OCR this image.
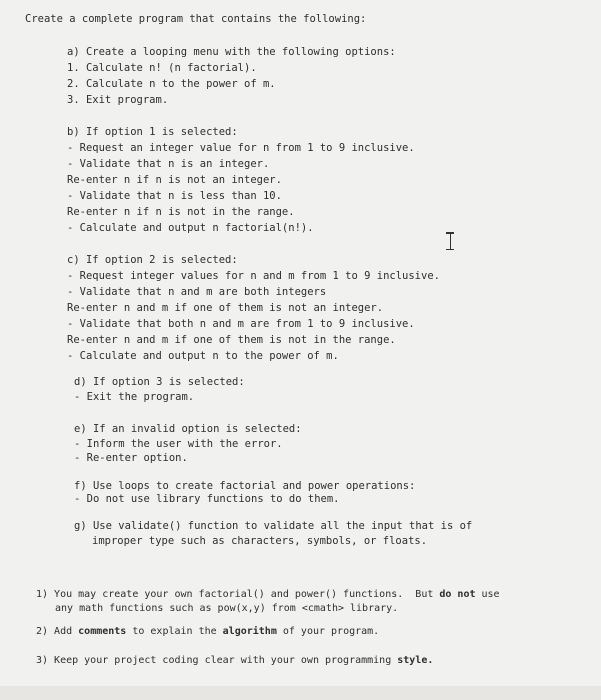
Create a complete program that contains the following:
a) Create a looping menu with the following options:
1. Calculate n! (n factorial).
2. Calculate n to the power of m.
3. Exit program.
b) If option 1 is selected:
- Request an integer value for n from 1 to 9 inclusive.
- Validate that n is an integer.
Re-enter n if n is not an integer.
- Validate that n is less than 10.
Re-enter n if n is not in the range.
- Calculate and output n factorial(n!).
c) If option 2 is selected:
- Request integer values for n and m from 1 to 9 inclusive.
- Validate that n and m are both integers
Re-enter n and m if one of them is not an integer.
- Validate that both n and m are from 1 to 9 inclusive.
Re-enter n and m if one of them is not in the range.
- Calculate and output n to the power of m.
d) If option 3 is selected:
- Exit the program.
e) If an invalid option is selected:
- Inform the user with the error.
- Re-enter option.
f) Use loops to create factorial and power operations:
- Do not use library functions to do them.
g) Use validate() function to validate all the input that is of
improper type such as characters, symbols, or floats.
1) You may create your own factorial() and power() functions.  But do not use
any math functions such as pow(x,y) from <cmath> library.
2) Add comments to explain the algorithm of your program.
3) Keep your project coding clear with your own programming style.
